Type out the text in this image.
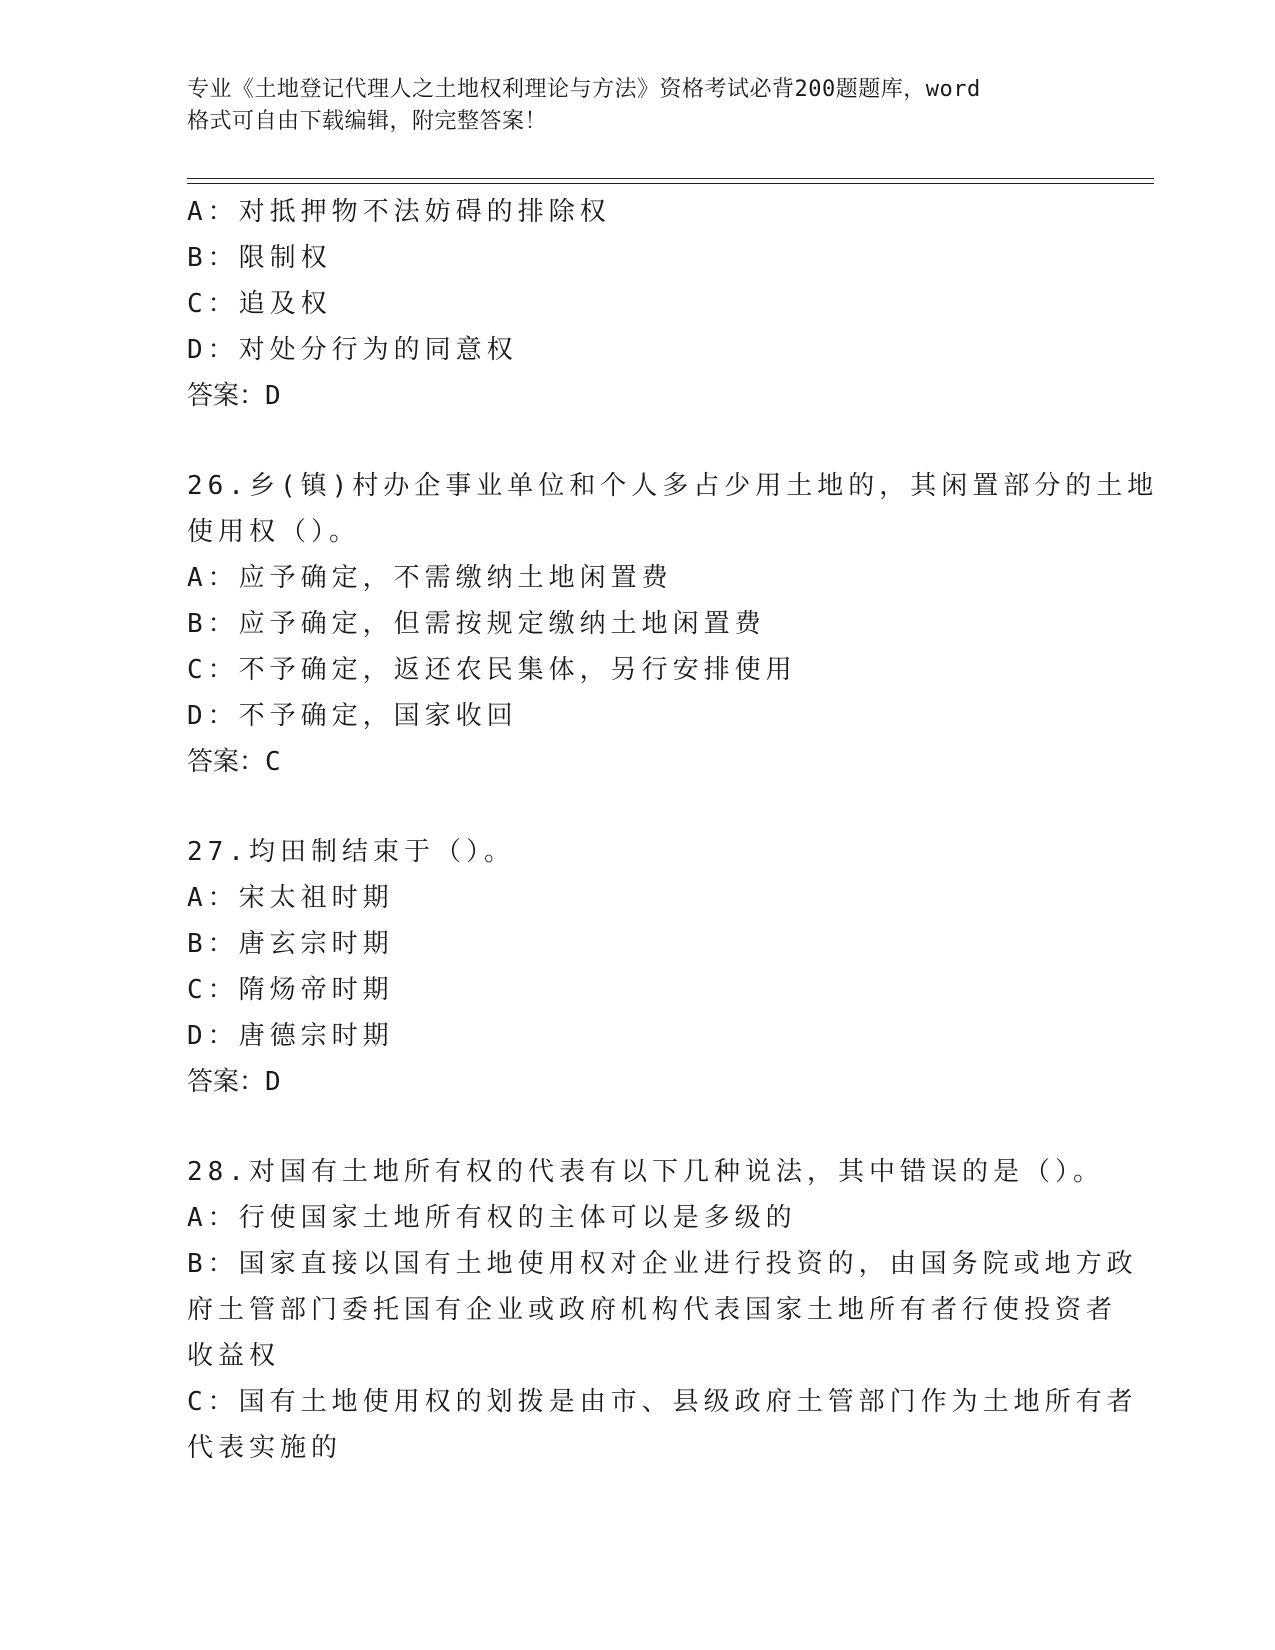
专业《土地登记代理人之土地权利理论与方法》资格考试必背200题题库，word
格式可自由下载编辑，附完整答案！
A：对抵押物不法妨碍的排除权
B：限制权
C：追及权
D：对处分行为的同意权
答案：D
26.乡(镇)村办企事业单位和个人多占少用土地的，其闲置部分的土地
使用权（）。
A：应予确定，不需缴纳土地闲置费
B：应予确定，但需按规定缴纳土地闲置费
C：不予确定，返还农民集体，另行安排使用
D：不予确定，国家收回
答案：C
27.均田制结束于（）。
A：宋太祖时期
B：唐玄宗时期
C：隋炀帝时期
D：唐德宗时期
答案：D
28.对国有土地所有权的代表有以下几种说法，其中错误的是（）。
A：行使国家土地所有权的主体可以是多级的
B：国家直接以国有土地使用权对企业进行投资的，由国务院或地方政
府土管部门委托国有企业或政府机构代表国家土地所有者行使投资者
收益权
C：国有土地使用权的划拨是由市、县级政府土管部门作为土地所有者
代表实施的
